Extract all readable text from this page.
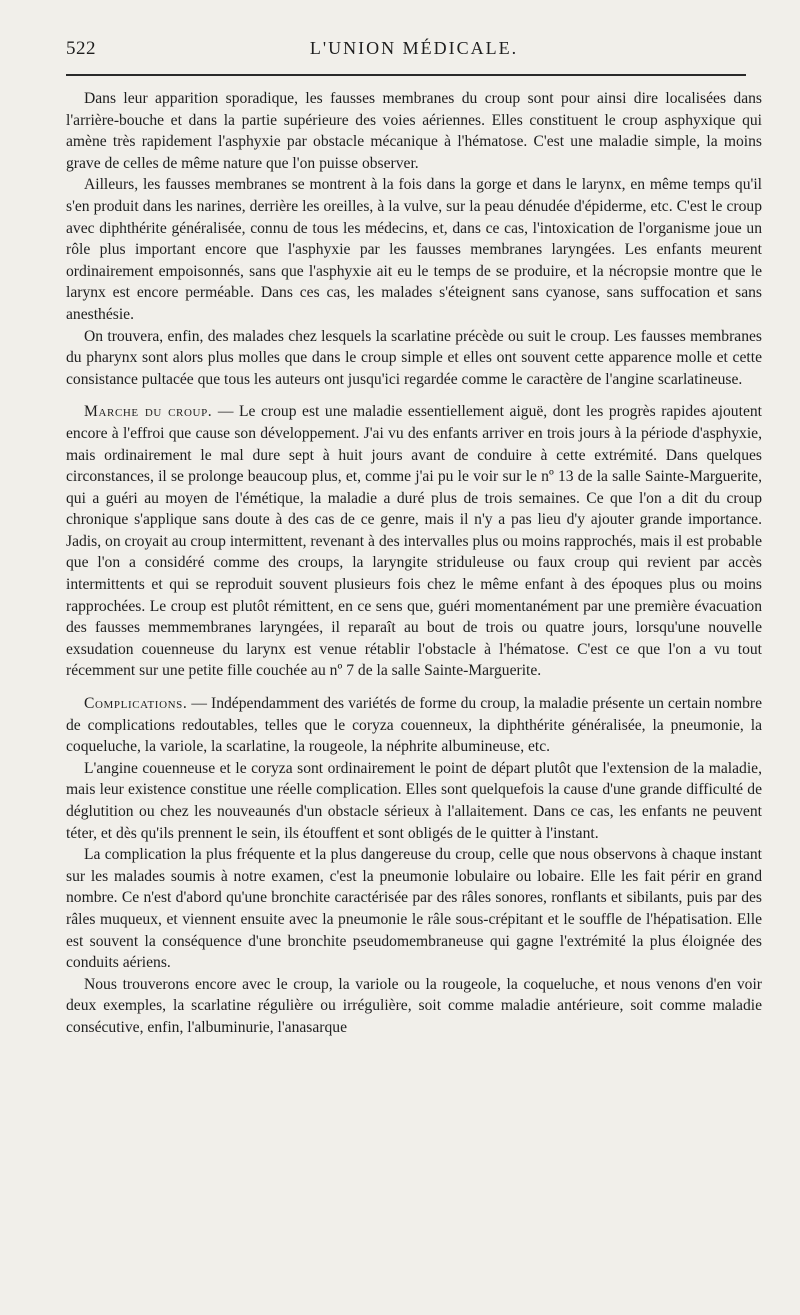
522	L'UNION MÉDICALE.

Dans leur apparition sporadique, les fausses membranes du croup sont pour ainsi dire localisées dans l'arrière-bouche et dans la partie supérieure des voies aériennes. Elles constituent le croup asphyxique qui amène très rapidement l'asphyxie par obstacle mécanique à l'hématose. C'est une maladie simple, la moins grave de celles de même nature que l'on puisse observer.

Ailleurs, les fausses membranes se montrent à la fois dans la gorge et dans le larynx, en même temps qu'il s'en produit dans les narines, derrière les oreilles, à la vulve, sur la peau dénudée d'épiderme, etc. C'est le croup avec diphthérite généralisée, connu de tous les médecins, et, dans ce cas, l'intoxication de l'organisme joue un rôle plus important encore que l'asphyxie par les fausses membranes laryngées. Les enfants meurent ordinairement empoisonnés, sans que l'asphyxie ait eu le temps de se produire, et la nécropsie montre que le larynx est encore perméable. Dans ces cas, les malades s'éteignent sans cyanose, sans suffocation et sans anesthésie.

On trouvera, enfin, des malades chez lesquels la scarlatine précède ou suit le croup. Les fausses membranes du pharynx sont alors plus molles que dans le croup simple et elles ont souvent cette apparence molle et cette consistance pultacée que tous les auteurs ont jusqu'ici regardée comme le caractère de l'angine scarlatineuse.

Marche du croup. — Le croup est une maladie essentiellement aiguë, dont les progrès rapides ajoutent encore à l'effroi que cause son développement. J'ai vu des enfants arriver en trois jours à la période d'asphyxie, mais ordinairement le mal dure sept à huit jours avant de conduire à cette extrémité. Dans quelques circonstances, il se prolonge beaucoup plus, et, comme j'ai pu le voir sur le nº 13 de la salle Sainte-Marguerite, qui a guéri au moyen de l'émétique, la maladie a duré plus de trois semaines. Ce que l'on a dit du croup chronique s'applique sans doute à des cas de ce genre, mais il n'y a pas lieu d'y ajouter grande importance. Jadis, on croyait au croup intermittent, revenant à des intervalles plus ou moins rapprochés, mais il est probable que l'on a considéré comme des croups, la laryngite striduleuse ou faux croup qui revient par accès intermittents et qui se reproduit souvent plusieurs fois chez le même enfant à des époques plus ou moins rapprochées. Le croup est plutôt rémittent, en ce sens que, guéri momentanément par une première évacuation des fausses memmembranes laryngées, il reparaît au bout de trois ou quatre jours, lorsqu'une nouvelle exsudation couenneuse du larynx est venue rétablir l'obstacle à l'hématose. C'est ce que l'on a vu tout récemment sur une petite fille couchée au nº 7 de la salle Sainte-Marguerite.

Complications. — Indépendamment des variétés de forme du croup, la maladie présente un certain nombre de complications redoutables, telles que le coryza couenneux, la diphthérite généralisée, la pneumonie, la coqueluche, la variole, la scarlatine, la rougeole, la néphrite albumineuse, etc.

L'angine couenneuse et le coryza sont ordinairement le point de départ plutôt que l'extension de la maladie, mais leur existence constitue une réelle complication. Elles sont quelquefois la cause d'une grande difficulté de déglutition ou chez les nouveaunés d'un obstacle sérieux à l'allaitement. Dans ce cas, les enfants ne peuvent téter, et dès qu'ils prennent le sein, ils étouffent et sont obligés de le quitter à l'instant.

La complication la plus fréquente et la plus dangereuse du croup, celle que nous observons à chaque instant sur les malades soumis à notre examen, c'est la pneumonie lobulaire ou lobaire. Elle les fait périr en grand nombre. Ce n'est d'abord qu'une bronchite caractérisée par des râles sonores, ronflants et sibilants, puis par des râles muqueux, et viennent ensuite avec la pneumonie le râle sous-crépitant et le souffle de l'hépatisation. Elle est souvent la conséquence d'une bronchite pseudomembraneuse qui gagne l'extrémité la plus éloignée des conduits aériens.

Nous trouverons encore avec le croup, la variole ou la rougeole, la coqueluche, et nous venons d'en voir deux exemples, la scarlatine régulière ou irrégulière, soit comme maladie antérieure, soit comme maladie consécutive, enfin, l'albuminurie, l'anasarque
